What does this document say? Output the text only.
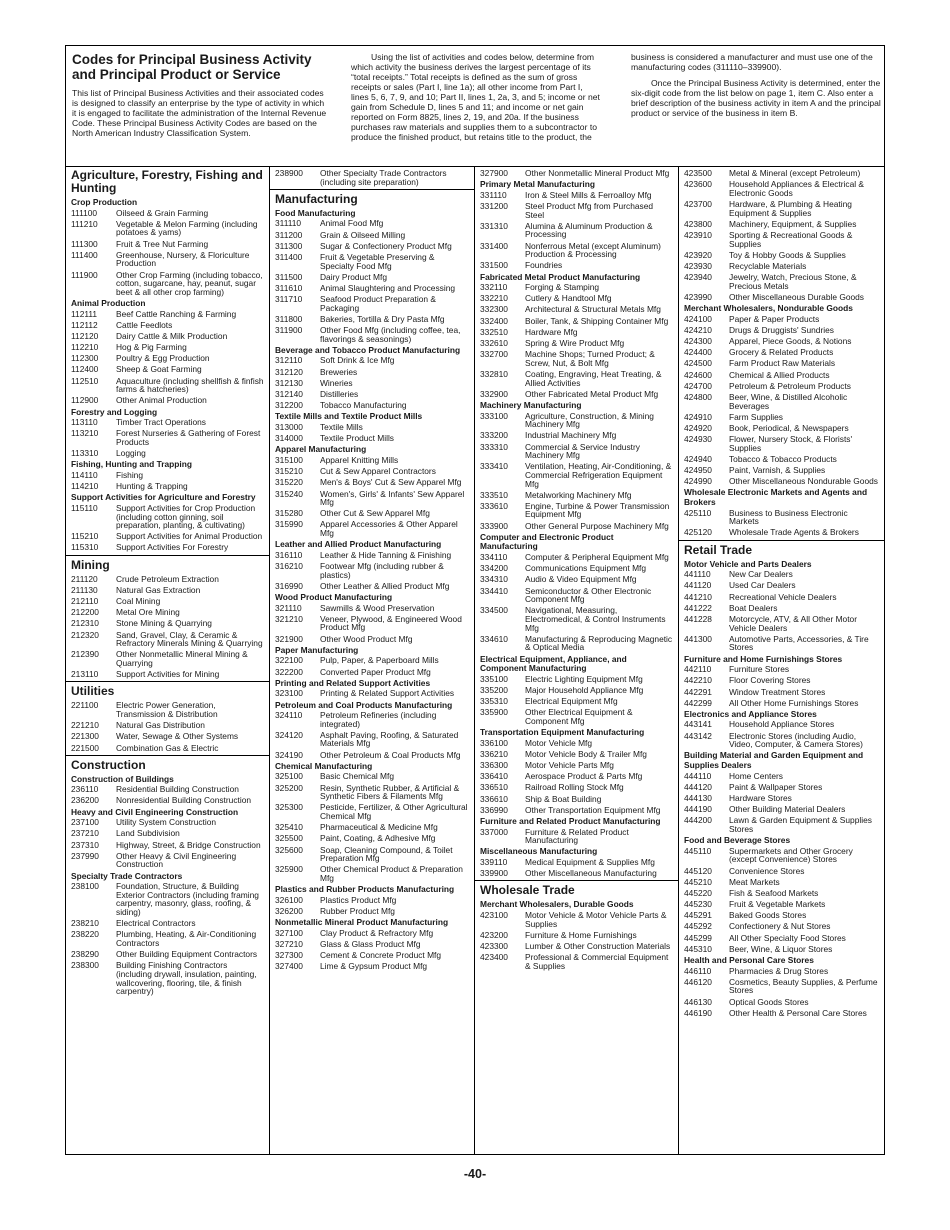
Codes for Principal Business Activity and Principal Product or Service

This list of Principal Business Activities and their associated codes is designed to classify an enterprise by the type of activity in which it is engaged to facilitate the administration of the Internal Revenue Code. These Principal Business Activity Codes are based on the North American Industry Classification System.

Using the list of activities and codes below, determine from which activity the business derives the largest percentage of its “total receipts.” Total receipts is defined as the sum of gross receipts or sales (Part I, line 1a); all other income from Part I, lines 5, 6, 7, 9, and 10; Part II, lines 1, 2a, 3, and 5; income or net gain from Schedule D, lines 5 and 11; and income or net gain reported on Form 8825, lines 2, 19, and 20a. If the business purchases raw materials and supplies them to a subcontractor to produce the finished product, but retains title to the product, the

business is considered a manufacturer and must use one of the manufacturing codes (311110–339900).

Once the Principal Business Activity is determined, enter the six-digit code from the list below on page 1, item C. Also enter a brief description of the business activity in item A and the principal product or service of the business in item B.

Agriculture, Forestry, Fishing and Hunting
Crop Production
111100	Oilseed & Grain Farming
111210	Vegetable & Melon Farming (including potatoes & yams)
111300	Fruit & Tree Nut Farming
111400	Greenhouse, Nursery, & Floriculture Production
111900	Other Crop Farming (including tobacco, cotton, sugarcane, hay, peanut, sugar beet & all other crop farming)
Animal Production
112111	Beef Cattle Ranching & Farming
112112	Cattle Feedlots
112120	Dairy Cattle & Milk Production
112210	Hog & Pig Farming
112300	Poultry & Egg Production
112400	Sheep & Goat Farming
112510	Aquaculture (including shellfish & finfish farms & hatcheries)
112900	Other Animal Production
Forestry and Logging
113110	Timber Tract Operations
113210	Forest Nurseries & Gathering of Forest Products
113310	Logging
Fishing, Hunting and Trapping
114110	Fishing
114210	Hunting & Trapping
Support Activities for Agriculture and Forestry
115110	Support Activities for Crop Production (including cotton ginning, soil preparation, planting, & cultivating)
115210	Support Activities for Animal Production
115310	Support Activities For Forestry
Mining
211120	Crude Petroleum Extraction
211130	Natural Gas Extraction
212110	Coal Mining
212200	Metal Ore Mining
212310	Stone Mining & Quarrying
212320	Sand, Gravel, Clay, & Ceramic & Refractory Minerals Mining & Quarrying
212390	Other Nonmetallic Mineral Mining & Quarrying
213110	Support Activities for Mining
Utilities
221100	Electric Power Generation, Transmission & Distribution
221210	Natural Gas Distribution
221300	Water, Sewage & Other Systems
221500	Combination Gas & Electric
Construction
Construction of Buildings
236110	Residential Building Construction
236200	Nonresidential Building Construction
Heavy and Civil Engineering Construction
237100	Utility System Construction
237210	Land Subdivision
237310	Highway, Street, & Bridge Construction
237990	Other Heavy & Civil Engineering Construction
Specialty Trade Contractors
238100	Foundation, Structure, & Building Exterior Contractors (including framing carpentry, masonry, glass, roofing, & siding)
238210	Electrical Contractors
238220	Plumbing, Heating, & Air-Conditioning Contractors
238290	Other Building Equipment Contractors
238300	Building Finishing Contractors (including drywall, insulation, painting, wallcovering, flooring, tile, & finish carpentry)
238900	Other Specialty Trade Contractors (including site preparation)
Manufacturing
Food Manufacturing
311110	Animal Food Mfg
311200	Grain & Oilseed Milling
311300	Sugar & Confectionery Product Mfg
311400	Fruit & Vegetable Preserving & Specialty Food Mfg
311500	Dairy Product Mfg
311610	Animal Slaughtering and Processing
311710	Seafood Product Preparation & Packaging
311800	Bakeries, Tortilla & Dry Pasta Mfg
311900	Other Food Mfg (including coffee, tea, flavorings & seasonings)
Beverage and Tobacco Product Manufacturing
312110	Soft Drink & Ice Mfg
312120	Breweries
312130	Wineries
312140	Distilleries
312200	Tobacco Manufacturing
Textile Mills and Textile Product Mills
313000	Textile Mills
314000	Textile Product Mills
Apparel Manufacturing
315100	Apparel Knitting Mills
315210	Cut & Sew Apparel Contractors
315220	Men's & Boys' Cut & Sew Apparel Mfg
315240	Women's, Girls' & Infants' Sew Apparel Mfg
315280	Other Cut & Sew Apparel Mfg
315990	Apparel Accessories & Other Apparel Mfg
Leather and Allied Product Manufacturing
316110	Leather & Hide Tanning & Finishing
316210	Footwear Mfg (including rubber & plastics)
316990	Other Leather & Allied Product Mfg
Wood Product Manufacturing
321110	Sawmills & Wood Preservation
321210	Veneer, Plywood, & Engineered Wood Product Mfg
321900	Other Wood Product Mfg
Paper Manufacturing
322100	Pulp, Paper, & Paperboard Mills
322200	Converted Paper Product Mfg
Printing and Related Support Activities
323100	Printing & Related Support Activities
Petroleum and Coal Products Manufacturing
324110	Petroleum Refineries (including integrated)
324120	Asphalt Paving, Roofing, & Saturated Materials Mfg
324190	Other Petroleum & Coal Products Mfg
Chemical Manufacturing
325100	Basic Chemical Mfg
325200	Resin, Synthetic Rubber, & Artificial & Synthetic Fibers & Filaments Mfg
325300	Pesticide, Fertilizer, & Other Agricultural Chemical Mfg
325410	Pharmaceutical & Medicine Mfg
325500	Paint, Coating, & Adhesive Mfg
325600	Soap, Cleaning Compound, & Toilet Preparation Mfg
325900	Other Chemical Product & Preparation Mfg
Plastics and Rubber Products Manufacturing
326100	Plastics Product Mfg
326200	Rubber Product Mfg
Nonmetallic Mineral Product Manufacturing
327100	Clay Product & Refractory Mfg
327210	Glass & Glass Product Mfg
327300	Cement & Concrete Product Mfg
327400	Lime & Gypsum Product Mfg
327900	Other Nonmetallic Mineral Product Mfg
Primary Metal Manufacturing
331110	Iron & Steel Mills & Ferroalloy Mfg
331200	Steel Product Mfg from Purchased Steel
331310	Alumina & Aluminum Production & Processing
331400	Nonferrous Metal (except Aluminum) Production & Processing
331500	Foundries
Fabricated Metal Product Manufacturing
332110	Forging & Stamping
332210	Cutlery & Handtool Mfg
332300	Architectural & Structural Metals Mfg
332400	Boiler, Tank, & Shipping Container Mfg
332510	Hardware Mfg
332610	Spring & Wire Product Mfg
332700	Machine Shops; Turned Product; & Screw, Nut, & Bolt Mfg
332810	Coating, Engraving, Heat Treating, & Allied Activities
332900	Other Fabricated Metal Product Mfg
Machinery Manufacturing
333100	Agriculture, Construction, & Mining Machinery Mfg
333200	Industrial Machinery Mfg
333310	Commercial & Service Industry Machinery Mfg
333410	Ventilation, Heating, Air-Conditioning, & Commercial Refrigeration Equipment Mfg
333510	Metalworking Machinery Mfg
333610	Engine, Turbine & Power Transmission Equipment Mfg
333900	Other General Purpose Machinery Mfg
Computer and Electronic Product Manufacturing
334110	Computer & Peripheral Equipment Mfg
334200	Communications Equipment Mfg
334310	Audio & Video Equipment Mfg
334410	Semiconductor & Other Electronic Component Mfg
334500	Navigational, Measuring, Electromedical, & Control Instruments Mfg
334610	Manufacturing & Reproducing Magnetic & Optical Media
Electrical Equipment, Appliance, and Component Manufacturing
335100	Electric Lighting Equipment Mfg
335200	Major Household Appliance Mfg
335310	Electrical Equipment Mfg
335900	Other Electrical Equipment & Component Mfg
Transportation Equipment Manufacturing
336100	Motor Vehicle Mfg
336210	Motor Vehicle Body & Trailer Mfg
336300	Motor Vehicle Parts Mfg
336410	Aerospace Product & Parts Mfg
336510	Railroad Rolling Stock Mfg
336610	Ship & Boat Building
336990	Other Transportation Equipment Mfg
Furniture and Related Product Manufacturing
337000	Furniture & Related Product Manufacturing
Miscellaneous Manufacturing
339110	Medical Equipment & Supplies Mfg
339900	Other Miscellaneous Manufacturing
Wholesale Trade
Merchant Wholesalers, Durable Goods
423100	Motor Vehicle & Motor Vehicle Parts & Supplies
423200	Furniture & Home Furnishings
423300	Lumber & Other Construction Materials
423400	Professional & Commercial Equipment & Supplies
423500	Metal & Mineral (except Petroleum)
423600	Household Appliances & Electrical & Electronic Goods
423700	Hardware, & Plumbing & Heating Equipment & Supplies
423800	Machinery, Equipment, & Supplies
423910	Sporting & Recreational Goods & Supplies
423920	Toy & Hobby Goods & Supplies
423930	Recyclable Materials
423940	Jewelry, Watch, Precious Stone, & Precious Metals
423990	Other Miscellaneous Durable Goods
Merchant Wholesalers, Nondurable Goods
424100	Paper & Paper Products
424210	Drugs & Druggists' Sundries
424300	Apparel, Piece Goods, & Notions
424400	Grocery & Related Products
424500	Farm Product Raw Materials
424600	Chemical & Allied Products
424700	Petroleum & Petroleum Products
424800	Beer, Wine, & Distilled Alcoholic Beverages
424910	Farm Supplies
424920	Book, Periodical, & Newspapers
424930	Flower, Nursery Stock, & Florists' Supplies
424940	Tobacco & Tobacco Products
424950	Paint, Varnish, & Supplies
424990	Other Miscellaneous Nondurable Goods
Wholesale Electronic Markets and Agents and Brokers
425110	Business to Business Electronic Markets
425120	Wholesale Trade Agents & Brokers
Retail Trade
Motor Vehicle and Parts Dealers
441110	New Car Dealers
441120	Used Car Dealers
441210	Recreational Vehicle Dealers
441222	Boat Dealers
441228	Motorcycle, ATV, & All Other Motor Vehicle Dealers
441300	Automotive Parts, Accessories, & Tire Stores
Furniture and Home Furnishings Stores
442110	Furniture Stores
442210	Floor Covering Stores
442291	Window Treatment Stores
442299	All Other Home Furnishings Stores
Electronics and Appliance Stores
443141	Household Appliance Stores
443142	Electronic Stores (including Audio, Video, Computer, & Camera Stores)
Building Material and Garden Equipment and Supplies Dealers
444110	Home Centers
444120	Paint & Wallpaper Stores
444130	Hardware Stores
444190	Other Building Material Dealers
444200	Lawn & Garden Equipment & Supplies Stores
Food and Beverage Stores
445110	Supermarkets and Other Grocery (except Convenience) Stores
445120	Convenience Stores
445210	Meat Markets
445220	Fish & Seafood Markets
445230	Fruit & Vegetable Markets
445291	Baked Goods Stores
445292	Confectionery & Nut Stores
445299	All Other Specialty Food Stores
445310	Beer, Wine, & Liquor Stores
Health and Personal Care Stores
446110	Pharmacies & Drug Stores
446120	Cosmetics, Beauty Supplies, & Perfume Stores
446130	Optical Goods Stores
446190	Other Health & Personal Care Stores
-40-
